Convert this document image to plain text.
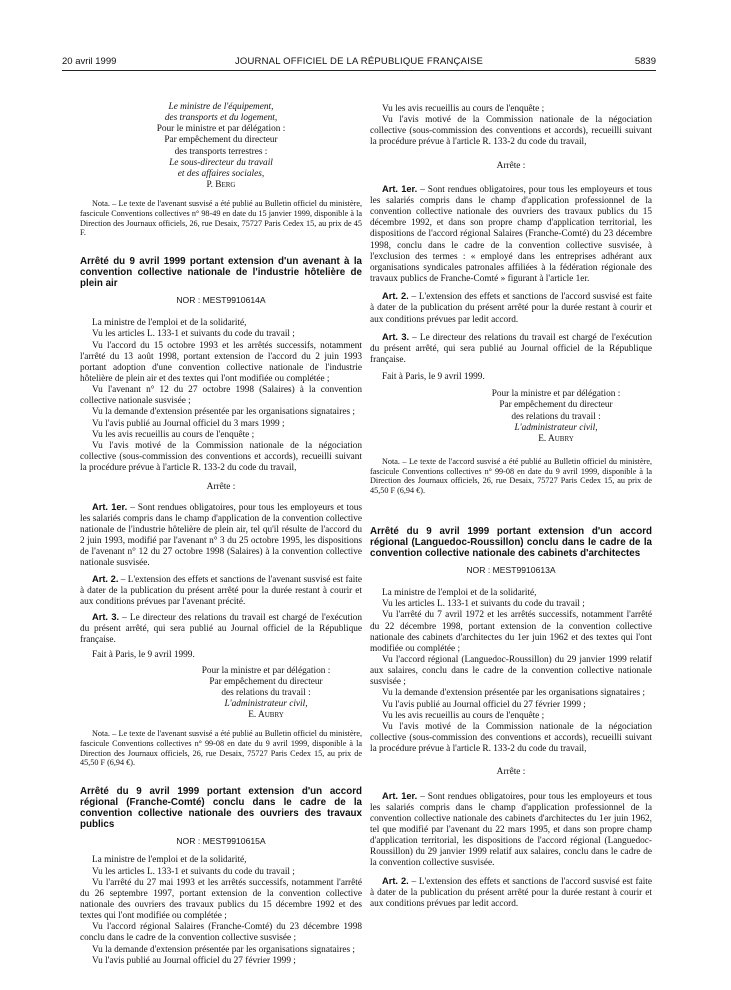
20 avril 1999	JOURNAL OFFICIEL DE LA RÉPUBLIQUE FRANÇAISE	5839

Le ministre de l'équipement,

des transports et du logement,

Pour le ministre et par délégation :

Par empêchement du directeur

des transports terrestres :

Le sous-directeur du travail

et des affaires sociales,

P. Berg

Nota. – Le texte de l'avenant susvisé a été publié au Bulletin officiel du ministère, fascicule Conventions collectives n° 98-49 en date du 15 janvier 1999, disponible à la Direction des Journaux officiels, 26, rue Desaix, 75727 Paris Cedex 15, au prix de 45 F.

Arrêté du 9 avril 1999 portant extension d'un avenant à la convention collective nationale de l'industrie hôtelière de plein air

NOR : MEST9910614A

La ministre de l'emploi et de la solidarité,

Vu les articles L. 133-1 et suivants du code du travail ;

Vu l'accord du 15 octobre 1993 et les arrêtés successifs, notamment l'arrêté du 13 août 1998, portant extension de l'accord du 2 juin 1993 portant adoption d'une convention collective nationale de l'industrie hôtelière de plein air et des textes qui l'ont modifiée ou complétée ;

Vu l'avenant n° 12 du 27 octobre 1998 (Salaires) à la convention collective nationale susvisée ;

Vu la demande d'extension présentée par les organisations signataires ;

Vu l'avis publié au Journal officiel du 3 mars 1999 ;

Vu les avis recueillis au cours de l'enquête ;

Vu l'avis motivé de la Commission nationale de la négociation collective (sous-commission des conventions et accords), recueilli suivant la procédure prévue à l'article R. 133-2 du code du travail,

Arrête :

Art. 1er. – Sont rendues obligatoires, pour tous les employeurs et tous les salariés compris dans le champ d'application de la convention collective nationale de l'industrie hôtelière de plein air, tel qu'il résulte de l'accord du 2 juin 1993, modifié par l'avenant n° 3 du 25 octobre 1995, les dispositions de l'avenant n° 12 du 27 octobre 1998 (Salaires) à la convention collective nationale susvisée.

Art. 2. – L'extension des effets et sanctions de l'avenant susvisé est faite à dater de la publication du présent arrêté pour la durée restant à courir et aux conditions prévues par l'avenant précité.

Art. 3. – Le directeur des relations du travail est chargé de l'exécution du présent arrêté, qui sera publié au Journal officiel de la République française.

Fait à Paris, le 9 avril 1999.

Pour la ministre et par délégation :

Par empêchement du directeur

des relations du travail :

L'administrateur civil,

E. Aubry

Nota. – Le texte de l'avenant susvisé a été publié au Bulletin officiel du ministère, fascicule Conventions collectives n° 99-08 en date du 9 avril 1999, disponible à la Direction des Journaux officiels, 26, rue Desaix, 75727 Paris Cedex 15, au prix de 45,50 F (6,94 €).

Arrêté du 9 avril 1999 portant extension d'un accord régional (Franche-Comté) conclu dans le cadre de la convention collective nationale des ouvriers des travaux publics

NOR : MEST9910615A

La ministre de l'emploi et de la solidarité,

Vu les articles L. 133-1 et suivants du code du travail ;

Vu l'arrêté du 27 mai 1993 et les arrêtés successifs, notamment l'arrêté du 26 septembre 1997, portant extension de la convention collective nationale des ouvriers des travaux publics du 15 décembre 1992 et des textes qui l'ont modifiée ou complétée ;

Vu l'accord régional Salaires (Franche-Comté) du 23 décembre 1998 conclu dans le cadre de la convention collective susvisée ;

Vu la demande d'extension présentée par les organisations signataires ;

Vu l'avis publié au Journal officiel du 27 février 1999 ;

Vu les avis recueillis au cours de l'enquête ;

Vu l'avis motivé de la Commission nationale de la négociation collective (sous-commission des conventions et accords), recueilli suivant la procédure prévue à l'article R. 133-2 du code du travail,

Arrête :

Art. 1er. – Sont rendues obligatoires, pour tous les employeurs et tous les salariés compris dans le champ d'application professionnel de la convention collective nationale des ouvriers des travaux publics du 15 décembre 1992, et dans son propre champ d'application territorial, les dispositions de l'accord régional Salaires (Franche-Comté) du 23 décembre 1998, conclu dans le cadre de la convention collective susvisée, à l'exclusion des termes : « employé dans les entreprises adhérant aux organisations syndicales patronales affiliées à la fédération régionale des travaux publics de Franche-Comté » figurant à l'article 1er.

Art. 2. – L'extension des effets et sanctions de l'accord susvisé est faite à dater de la publication du présent arrêté pour la durée restant à courir et aux conditions prévues par ledit accord.

Art. 3. – Le directeur des relations du travail est chargé de l'exécution du présent arrêté, qui sera publié au Journal officiel de la République française.

Fait à Paris, le 9 avril 1999.

Pour la ministre et par délégation :

Par empêchement du directeur

des relations du travail :

L'administrateur civil,

E. Aubry

Nota. – Le texte de l'accord susvisé a été publié au Bulletin officiel du ministère, fascicule Conventions collectives n° 99-08 en date du 9 avril 1999, disponible à la Direction des Journaux officiels, 26, rue Desaix, 75727 Paris Cedex 15, au prix de 45,50 F (6,94 €).

Arrêté du 9 avril 1999 portant extension d'un accord régional (Languedoc-Roussillon) conclu dans le cadre de la convention collective nationale des cabinets d'architectes

NOR : MEST9910613A

La ministre de l'emploi et de la solidarité,

Vu les articles L. 133-1 et suivants du code du travail ;

Vu l'arrêté du 7 avril 1972 et les arrêtés successifs, notamment l'arrêté du 22 décembre 1998, portant extension de la convention collective nationale des cabinets d'architectes du 1er juin 1962 et des textes qui l'ont modifiée ou complétée ;

Vu l'accord régional (Languedoc-Roussillon) du 29 janvier 1999 relatif aux salaires, conclu dans le cadre de la convention collective nationale susvisée ;

Vu la demande d'extension présentée par les organisations signataires ;

Vu l'avis publié au Journal officiel du 27 février 1999 ;

Vu les avis recueillis au cours de l'enquête ;

Vu l'avis motivé de la Commission nationale de la négociation collective (sous-commission des conventions et accords), recueilli suivant la procédure prévue à l'article R. 133-2 du code du travail,

Arrête :

Art. 1er. – Sont rendues obligatoires, pour tous les employeurs et tous les salariés compris dans le champ d'application professionnel de la convention collective nationale des cabinets d'architectes du 1er juin 1962, tel que modifié par l'avenant du 22 mars 1995, et dans son propre champ d'application territorial, les dispositions de l'accord régional (Languedoc-Roussillon) du 29 janvier 1999 relatif aux salaires, conclu dans le cadre de la convention collective susvisée.

Art. 2. – L'extension des effets et sanctions de l'accord susvisé est faite à dater de la publication du présent arrêté pour la durée restant à courir et aux conditions prévues par ledit accord.
